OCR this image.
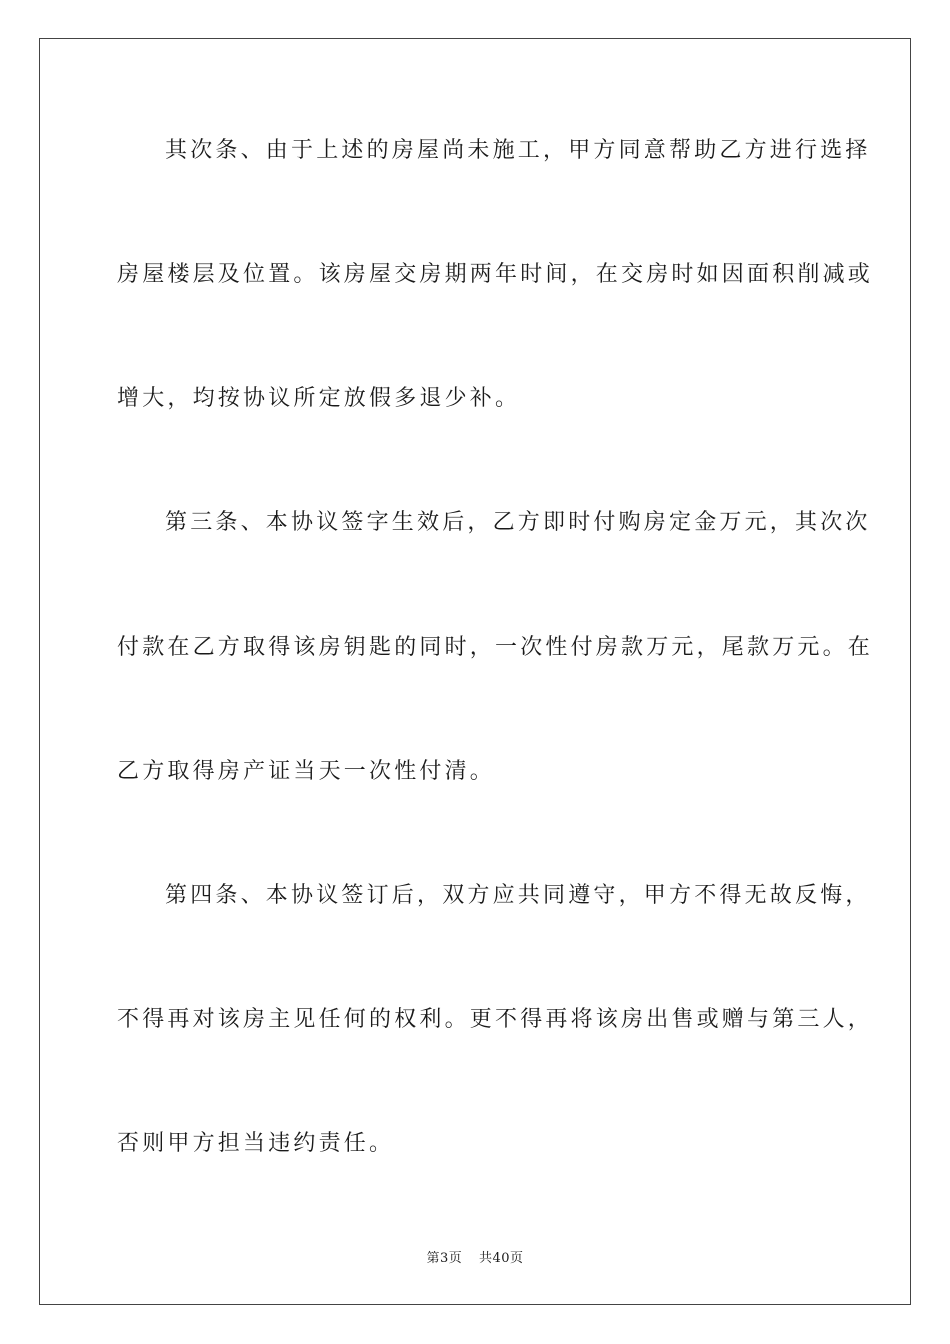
其次条、由于上述的房屋尚未施工，甲方同意帮助乙方进行选择
房屋楼层及位置。该房屋交房期两年时间，在交房时如因面积削减或
增大，均按协议所定放假多退少补。
第三条、本协议签字生效后，乙方即时付购房定金万元，其次次
付款在乙方取得该房钥匙的同时，一次性付房款万元，尾款万元。在
乙方取得房产证当天一次性付清。
第四条、本协议签订后，双方应共同遵守，甲方不得无故反悔，
不得再对该房主见任何的权利。更不得再将该房出售或赠与第三人，
否则甲方担当违约责任。
第3页 共40页
